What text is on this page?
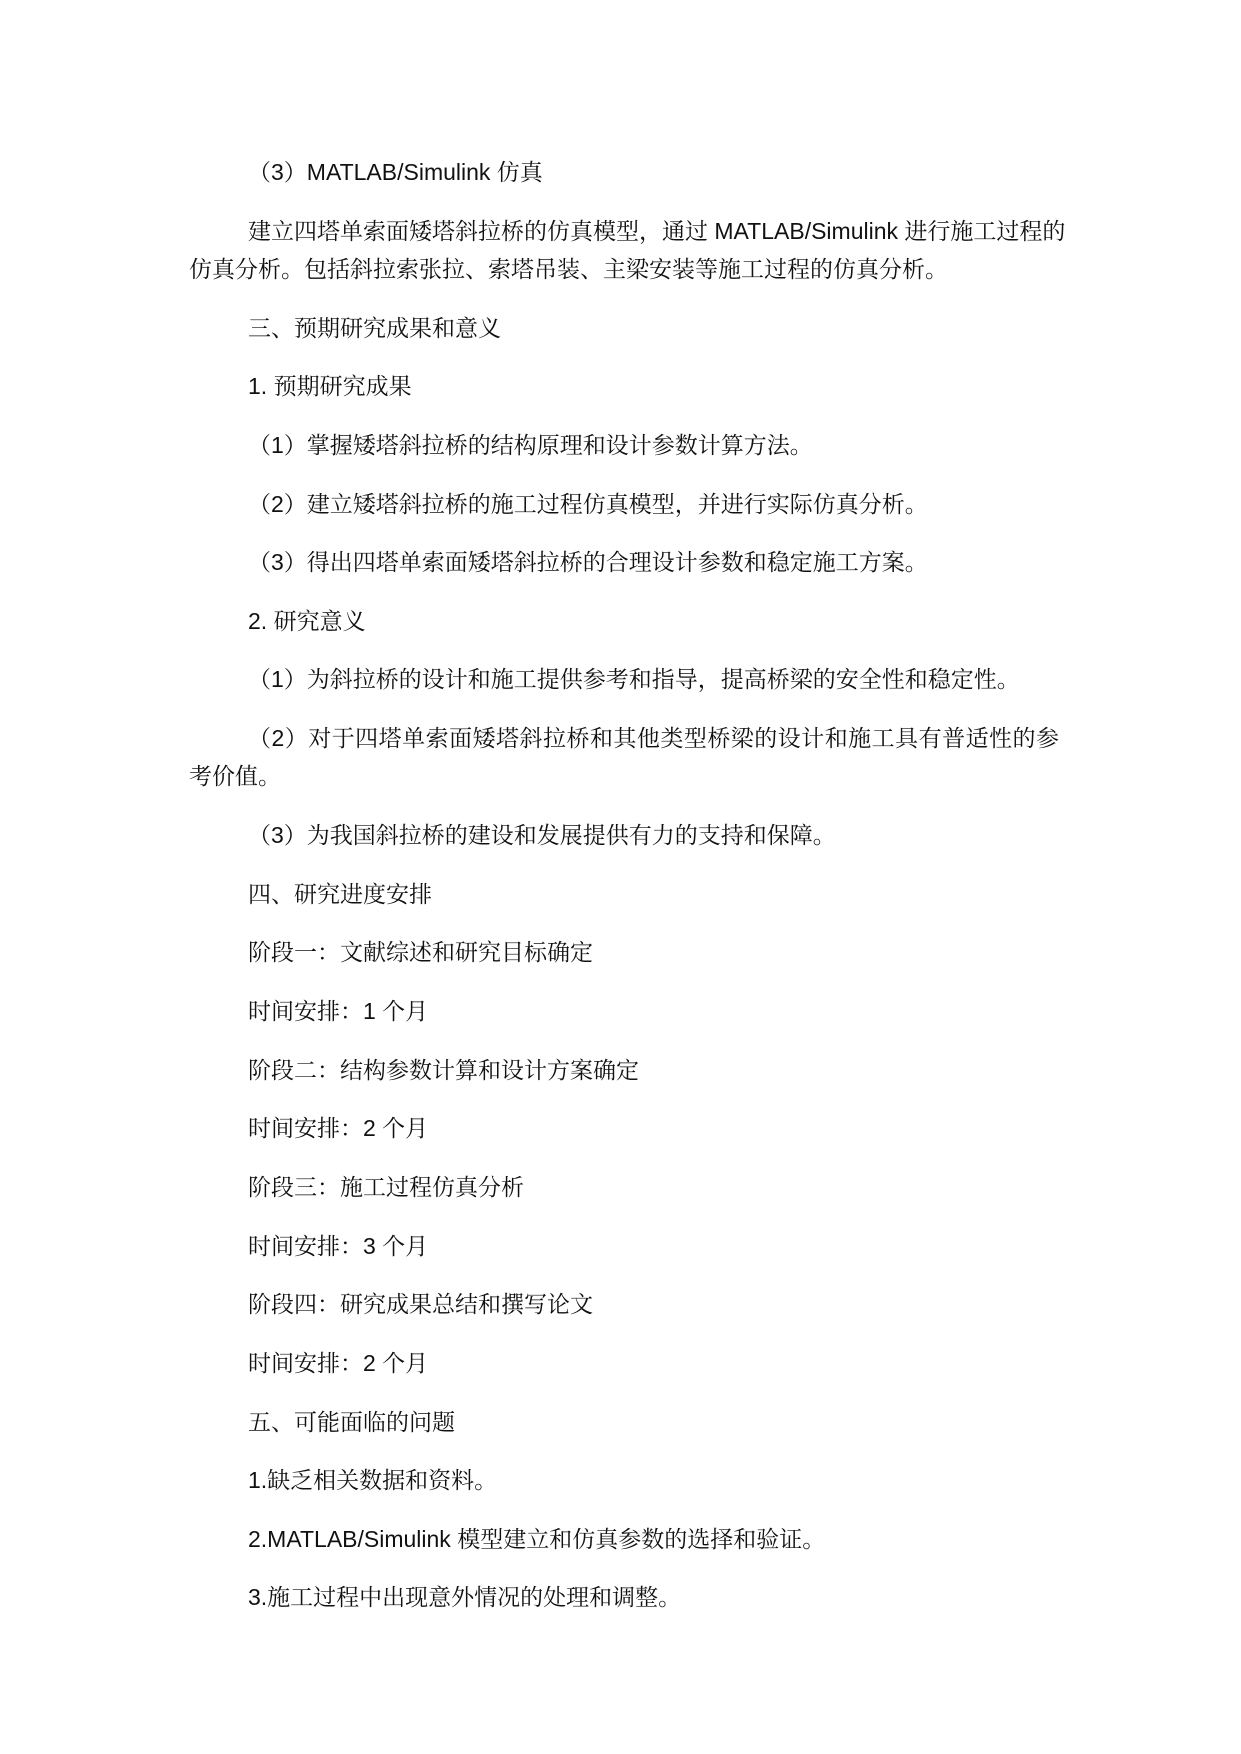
（3）MATLAB/Simulink 仿真
建立四塔单索面矮塔斜拉桥的仿真模型，通过 MATLAB/Simulink 进行施工过程的
仿真分析。包括斜拉索张拉、索塔吊装、主梁安装等施工过程的仿真分析。
三、预期研究成果和意义
1. 预期研究成果
（1）掌握矮塔斜拉桥的结构原理和设计参数计算方法。
（2）建立矮塔斜拉桥的施工过程仿真模型，并进行实际仿真分析。
（3）得出四塔单索面矮塔斜拉桥的合理设计参数和稳定施工方案。
2. 研究意义
（1）为斜拉桥的设计和施工提供参考和指导，提高桥梁的安全性和稳定性。
（2）对于四塔单索面矮塔斜拉桥和其他类型桥梁的设计和施工具有普适性的参
考价值。
（3）为我国斜拉桥的建设和发展提供有力的支持和保障。
四、研究进度安排
阶段一：文献综述和研究目标确定
时间安排：1 个月
阶段二：结构参数计算和设计方案确定
时间安排：2 个月
阶段三：施工过程仿真分析
时间安排：3 个月
阶段四：研究成果总结和撰写论文
时间安排：2 个月
五、可能面临的问题
1.缺乏相关数据和资料。
2.MATLAB/Simulink 模型建立和仿真参数的选择和验证。
3.施工过程中出现意外情况的处理和调整。
